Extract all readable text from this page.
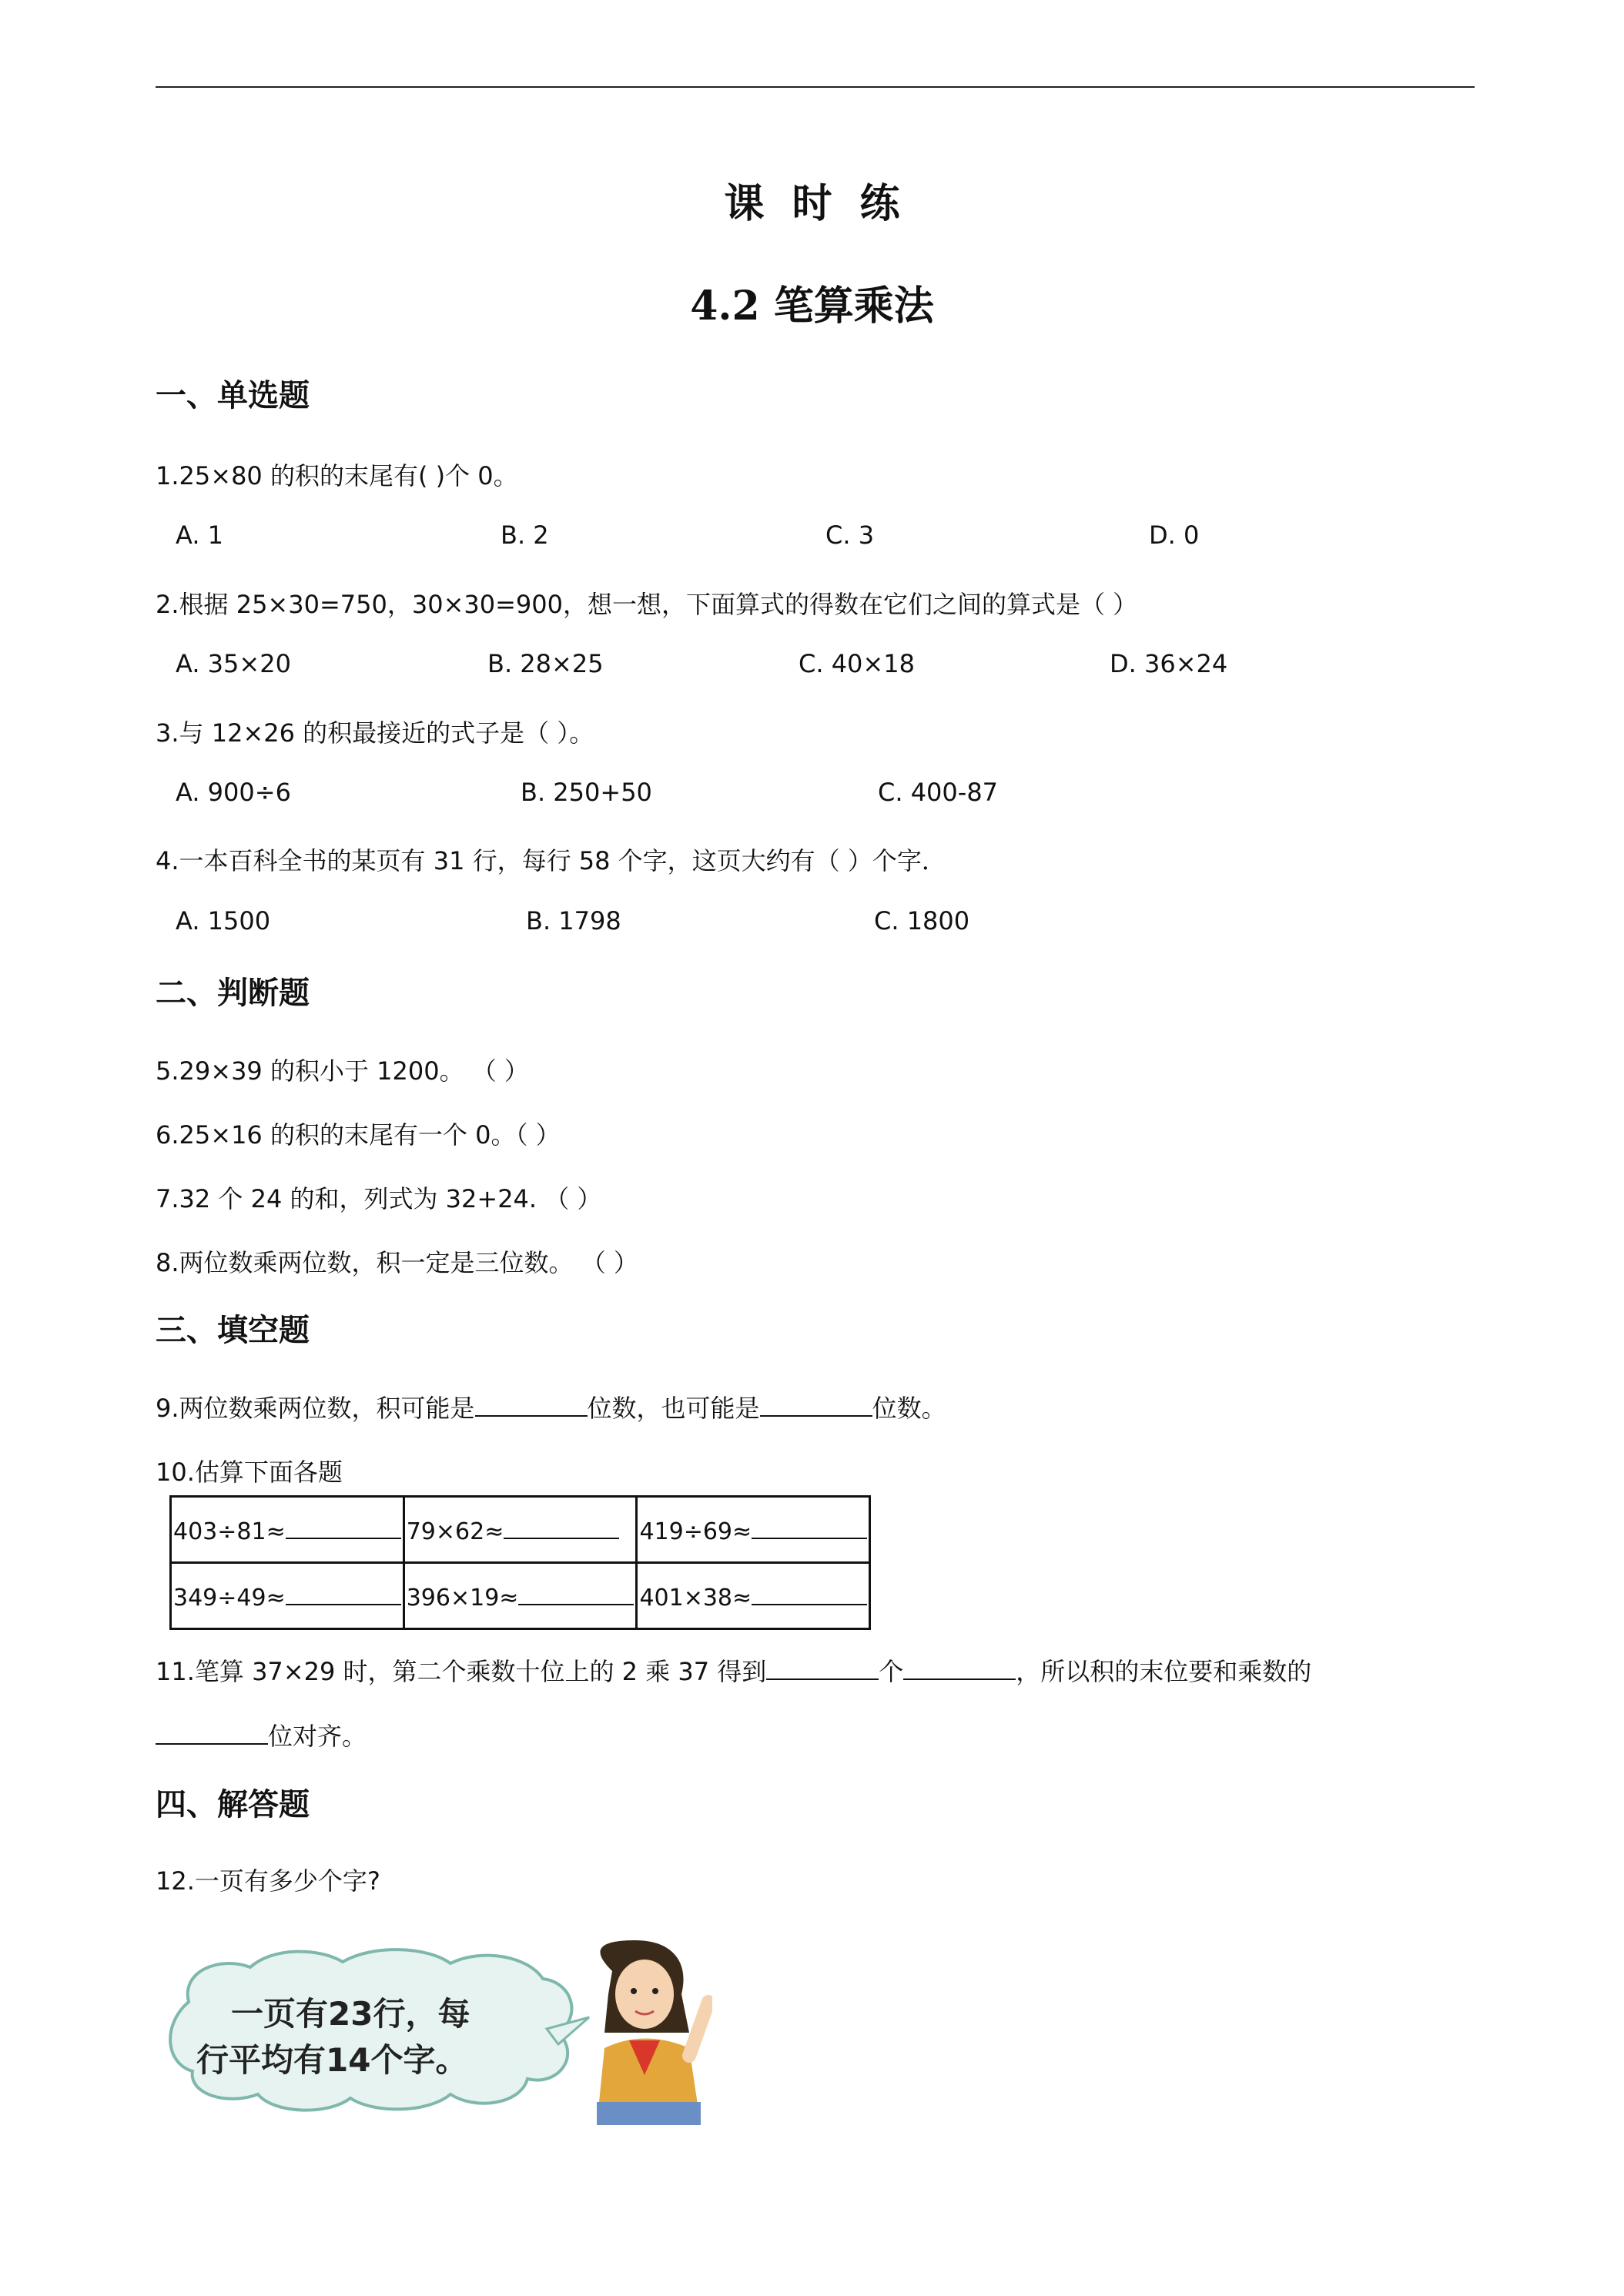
课时练
4.2 笔算乘法
一、单选题
1.25×80 的积的末尾有( )个 0。
A. 1	B. 2	C. 3	D. 0
2.根据 25×30=750，30×30=900，想一想，下面算式的得数在它们之间的算式是（ ）
A. 35×20	B. 28×25	C. 40×18	D. 36×24
3.与 12×26 的积最接近的式子是（ ）。
A. 900÷6	B. 250+50	C. 400-87
4.一本百科全书的某页有 31 行，每行 58 个字，这页大约有（ ）个字．
A. 1500	B. 1798	C. 1800
二、判断题
5.29×39 的积小于 1200。 （ ）
6.25×16 的积的末尾有一个 0。（ ）
7.32 个 24 的和，列式为 32+24. （ ）
8.两位数乘两位数，积一定是三位数。 （ ）
三、填空题
9.两位数乘两位数，积可能是	位数，也可能是	位数。
10.估算下面各题
403÷81≈	79×62≈	419÷69≈
349÷49≈	396×19≈	401×38≈
11.笔算 37×29 时，第二个乘数十位上的 2 乘 37 得到	个	，所以积的末位要和乘数的
位对齐。
四、解答题
12.一页有多少个字?
一页有23行，每
行平均有14个字。
